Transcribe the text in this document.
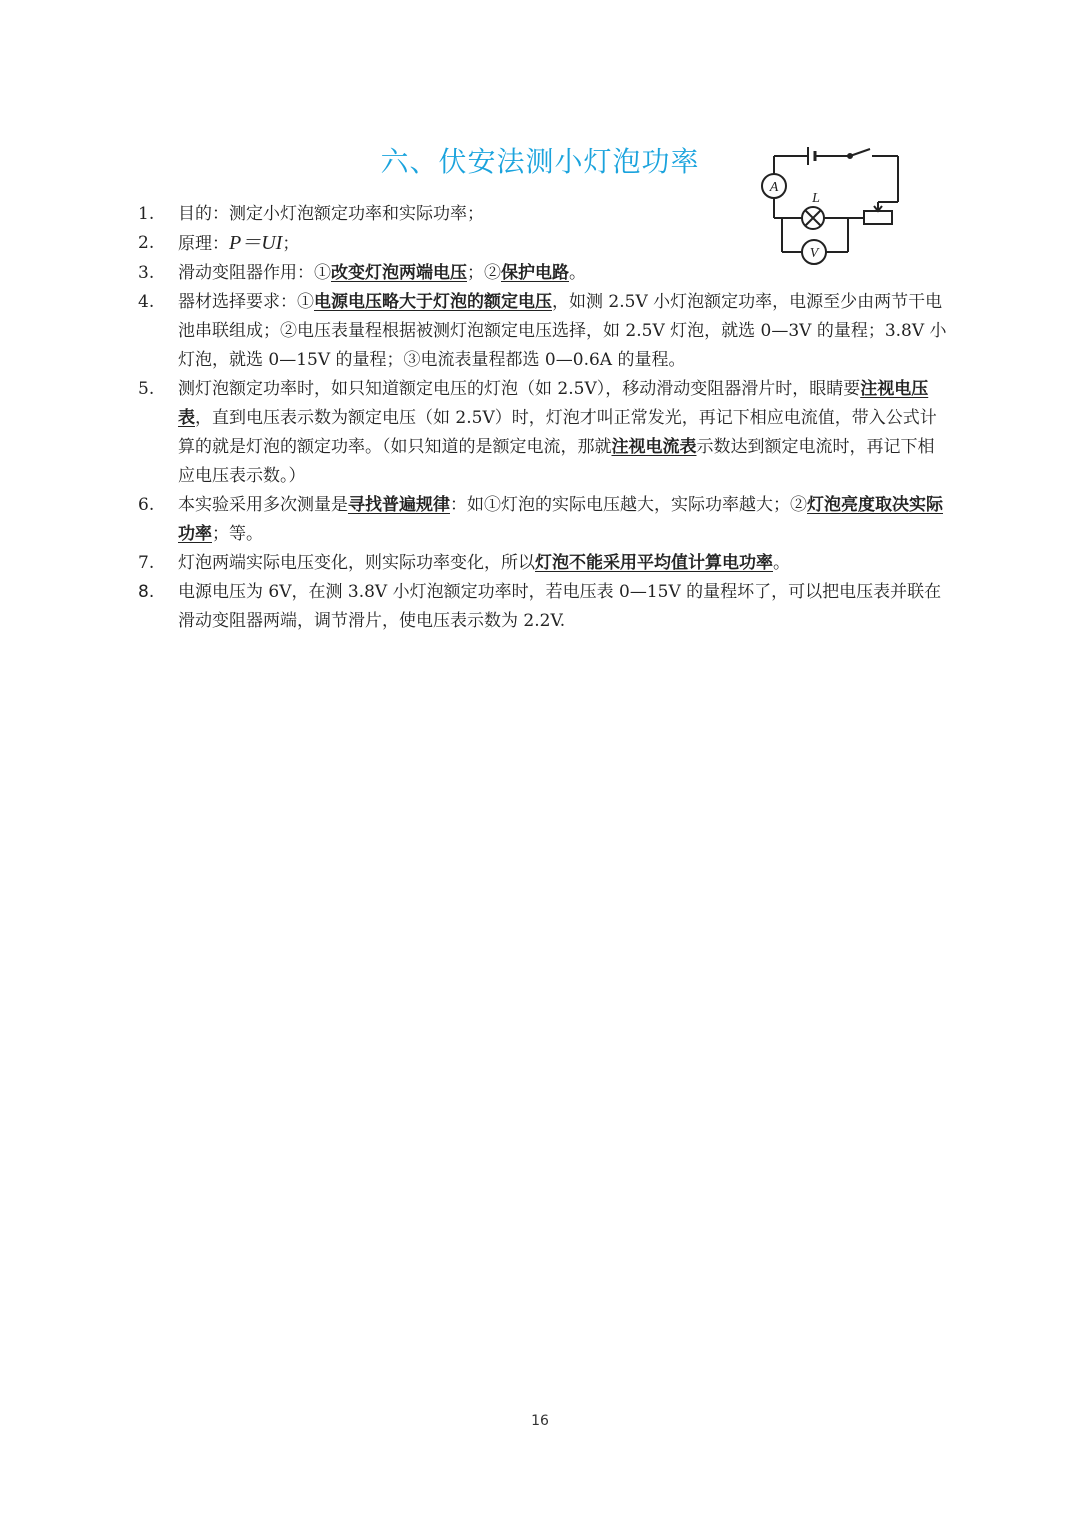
六、伏安法测小灯泡功率
A
L
V
1.	目的：测定小灯泡额定功率和实际功率；
2.	原理：P＝UI；
3.	滑动变阻器作用：①改变灯泡两端电压；②保护电路。
4.	器材选择要求：①电源电压略大于灯泡的额定电压，如测 2.5V 小灯泡额定功率，电源至少由两节干电池串联组成；②电压表量程根据被测灯泡额定电压选择，如 2.5V 灯泡，就选 0—3V 的量程；3.8V 小灯泡，就选 0—15V 的量程；③电流表量程都选 0—0.6A 的量程。
5.	测灯泡额定功率时，如只知道额定电压的灯泡（如 2.5V），移动滑动变阻器滑片时，眼睛要注视电压表，直到电压表示数为额定电压（如 2.5V）时，灯泡才叫正常发光，再记下相应电流值，带入公式计算的就是灯泡的额定功率。（如只知道的是额定电流，那就注视电流表示数达到额定电流时，再记下相应电压表示数。）
6.	本实验采用多次测量是寻找普遍规律：如①灯泡的实际电压越大，实际功率越大；②灯泡亮度取决实际功率；等。
7.	灯泡两端实际电压变化，则实际功率变化，所以灯泡不能采用平均值计算电功率。
8.	电源电压为 6V，在测 3.8V 小灯泡额定功率时，若电压表 0—15V 的量程坏了，可以把电压表并联在滑动变阻器两端，调节滑片，使电压表示数为 2.2V.
16
